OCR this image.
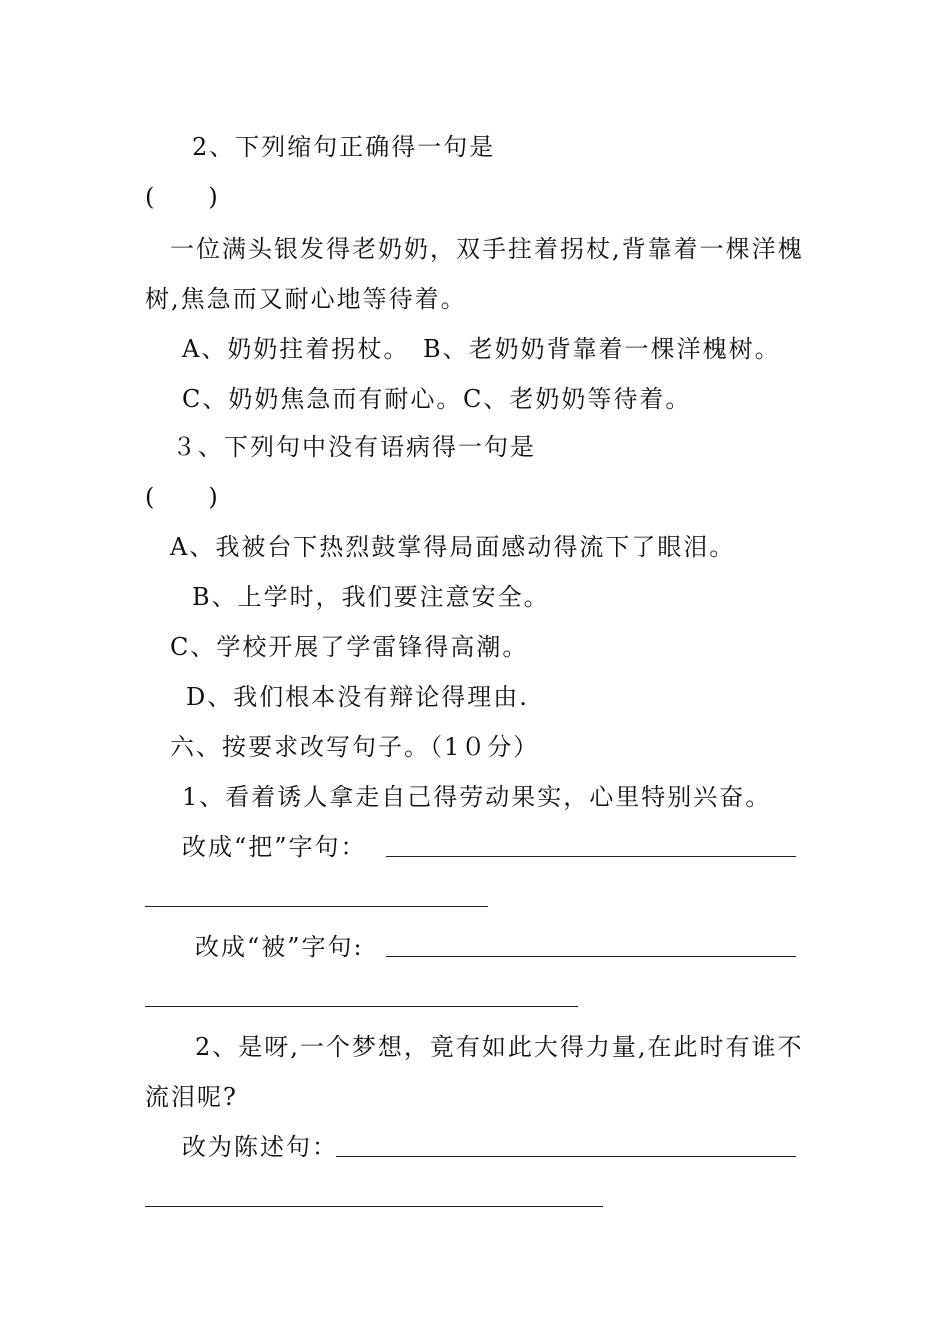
2、下列缩句正确得一句是
(　　)
一位满头银发得老奶奶，双手拄着拐杖,背靠着一棵洋槐
树,焦急而又耐心地等待着。
A、奶奶拄着拐杖。 B、老奶奶背靠着一棵洋槐树。
C、奶奶焦急而有耐心。 C、老奶奶等待着。
３、下列句中没有语病得一句是
(　　)
A、我被台下热烈鼓掌得局面感动得流下了眼泪。
B、上学时，我们要注意安全。
C、学校开展了学雷锋得高潮。
D、我们根本没有辩论得理由.
六、按要求改写句子。（1０分）
1、看着诱人拿走自己得劳动果实，心里特别兴奋。
改成“把”字句：
改成“被”字句:
2、是呀,一个梦想，竟有如此大得力量,在此时有谁不
流泪呢?
改为陈述句：
